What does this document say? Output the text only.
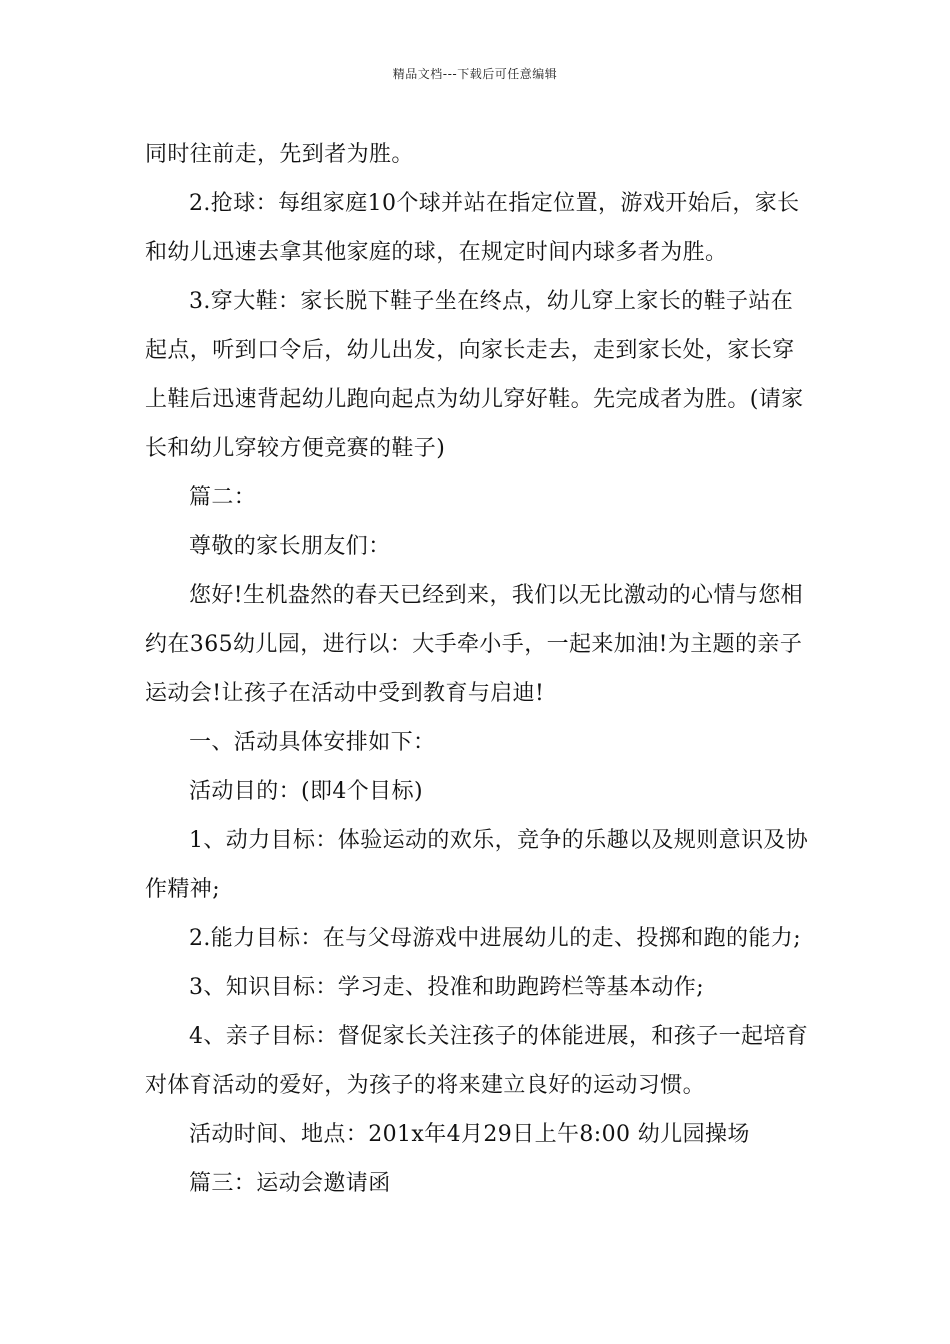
精品文档---下载后可任意编辑

同时往前走，先到者为胜。

2.抢球：每组家庭10个球并站在指定位置，游戏开始后，家长
和幼儿迅速去拿其他家庭的球，在规定时间内球多者为胜。

3.穿大鞋：家长脱下鞋子坐在终点，幼儿穿上家长的鞋子站在
起点，听到口令后，幼儿出发，向家长走去，走到家长处，家长穿
上鞋后迅速背起幼儿跑向起点为幼儿穿好鞋。先完成者为胜。(请家
长和幼儿穿较方便竞赛的鞋子)

篇二：

尊敬的家长朋友们：

您好!生机盎然的春天已经到来，我们以无比激动的心情与您相
约在365幼儿园，进行以：大手牵小手，一起来加油!为主题的亲子
运动会!让孩子在活动中受到教育与启迪!

一、活动具体安排如下：

活动目的：(即4个目标)

1、动力目标：体验运动的欢乐，竞争的乐趣以及规则意识及协
作精神;

2.能力目标：在与父母游戏中进展幼儿的走、投掷和跑的能力;

3、知识目标：学习走、投准和助跑跨栏等基本动作;

4、亲子目标：督促家长关注孩子的体能进展，和孩子一起培育
对体育活动的爱好，为孩子的将来建立良好的运动习惯。

活动时间、地点：201x年4月29日上午8:00 幼儿园操场

篇三：运动会邀请函
